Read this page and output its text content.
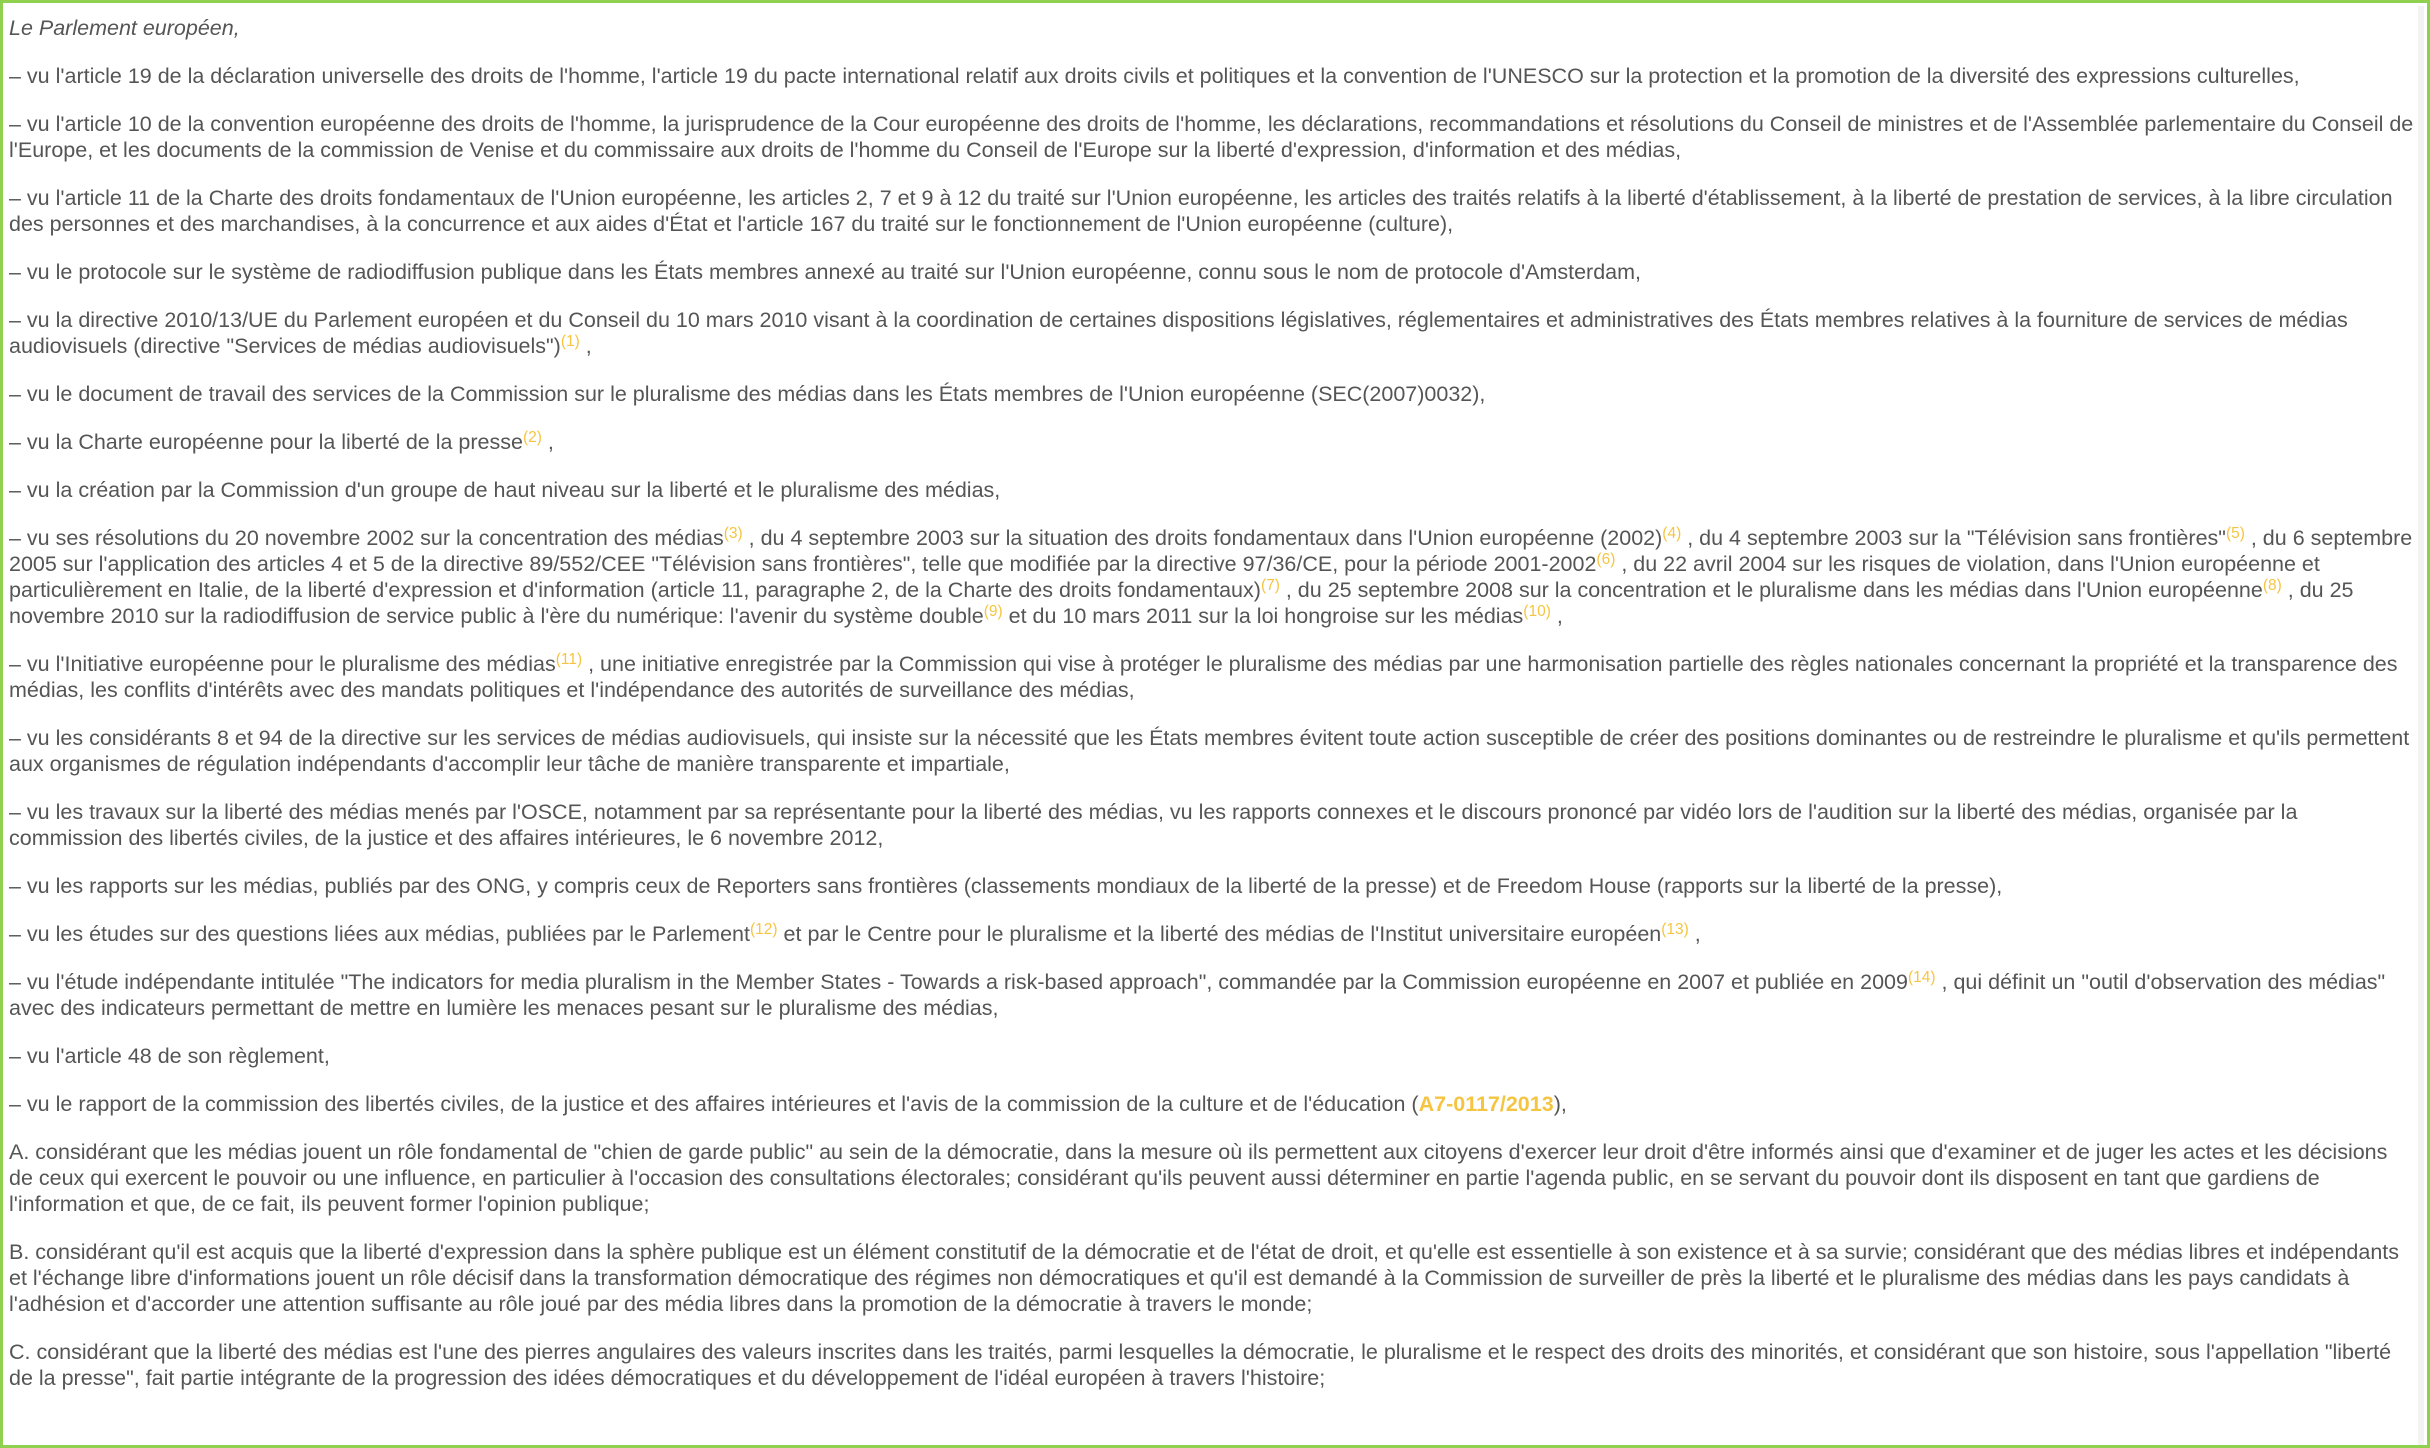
Le Parlement européen,

– vu l'article 19 de la déclaration universelle des droits de l'homme, l'article 19 du pacte international relatif aux droits civils et politiques et la convention de l'UNESCO sur la protection et la promotion de la diversité des expressions culturelles,

– vu l'article 10 de la convention européenne des droits de l'homme, la jurisprudence de la Cour européenne des droits de l'homme, les déclarations, recommandations et résolutions du Conseil de ministres et de l'Assemblée parlementaire du Conseil de l'Europe, et les documents de la commission de Venise et du commissaire aux droits de l'homme du Conseil de l'Europe sur la liberté d'expression, d'information et des médias,

– vu l'article 11 de la Charte des droits fondamentaux de l'Union européenne, les articles 2, 7 et 9 à 12 du traité sur l'Union européenne, les articles des traités relatifs à la liberté d'établissement, à la liberté de prestation de services, à la libre circulation des personnes et des marchandises, à la concurrence et aux aides d'État et l'article 167 du traité sur le fonctionnement de l'Union européenne (culture),

– vu le protocole sur le système de radiodiffusion publique dans les États membres annexé au traité sur l'Union européenne, connu sous le nom de protocole d'Amsterdam,

– vu la directive 2010/13/UE du Parlement européen et du Conseil du 10 mars 2010 visant à la coordination de certaines dispositions législatives, réglementaires et administratives des États membres relatives à la fourniture de services de médias audiovisuels (directive "Services de médias audiovisuels")$^{(1)}$ ,

– vu le document de travail des services de la Commission sur le pluralisme des médias dans les États membres de l'Union européenne (SEC(2007)0032),

– vu la Charte européenne pour la liberté de la presse$^{(2)}$ ,

– vu la création par la Commission d'un groupe de haut niveau sur la liberté et le pluralisme des médias,

– vu ses résolutions du 20 novembre 2002 sur la concentration des médias$^{(3)}$ , du 4 septembre 2003 sur la situation des droits fondamentaux dans l'Union européenne $(2002)^{(4)}$ , du 4 septembre 2003 sur la "Télévision sans frontières"$^{(5)}$ , du 6 septembre 2005 sur l'application des articles 4 et 5 de la directive 89/552/CEE "Télévision sans frontières", telle que modifiée par la directive 97/36/CE, pour la période 2001-2002$^{(6)}$ , du 22 avril 2004 sur les risques de violation, dans l'Union européenne et particulièrement en Italie, de la liberté d'expression et d'information (article 11, paragraphe 2, de la Charte des droits fondamentaux)$^{(7)}$ , du 25 septembre 2008 sur la concentration et le pluralisme dans les médias dans l'Union européenne$^{(8)}$ , du 25 novembre 2010 sur la radiodiffusion de service public à l'ère du numérique: l'avenir du système double$^{(9)}$ et du 10 mars 2011 sur la loi hongroise sur les médias$^{(10)}$ ,

– vu l'Initiative européenne pour le pluralisme des médias$^{(11)}$ , une initiative enregistrée par la Commission qui vise à protéger le pluralisme des médias par une harmonisation partielle des règles nationales concernant la propriété et la transparence des médias, les conflits d'intérêts avec des mandats politiques et l'indépendance des autorités de surveillance des médias,

– vu les considérants 8 et 94 de la directive sur les services de médias audiovisuels, qui insiste sur la nécessité que les États membres évitent toute action susceptible de créer des positions dominantes ou de restreindre le pluralisme et qu'ils permettent aux organismes de régulation indépendants d'accomplir leur tâche de manière transparente et impartiale,

– vu les travaux sur la liberté des médias menés par l'OSCE, notamment par sa représentante pour la liberté des médias, vu les rapports connexes et le discours prononcé par vidéo lors de l'audition sur la liberté des médias, organisée par la commission des libertés civiles, de la justice et des affaires intérieures, le 6 novembre 2012,

– vu les rapports sur les médias, publiés par des ONG, y compris ceux de Reporters sans frontières (classements mondiaux de la liberté de la presse) et de Freedom House (rapports sur la liberté de la presse),

– vu les études sur des questions liées aux médias, publiées par le Parlement$^{(12)}$ et par le Centre pour le pluralisme et la liberté des médias de l'Institut universitaire européen$^{(13)}$ ,

– vu l'étude indépendante intitulée "The indicators for media pluralism in the Member States - Towards a risk-based approach", commandée par la Commission européenne en 2007 et publiée en 2009$^{(14)}$ , qui définit un "outil d'observation des médias" avec des indicateurs permettant de mettre en lumière les menaces pesant sur le pluralisme des médias,

– vu l'article 48 de son règlement,

– vu le rapport de la commission des libertés civiles, de la justice et des affaires intérieures et l'avis de la commission de la culture et de l'éducation (A7-0117/2013),

A. considérant que les médias jouent un rôle fondamental de "chien de garde public" au sein de la démocratie, dans la mesure où ils permettent aux citoyens d'exercer leur droit d'être informés ainsi que d'examiner et de juger les actes et les décisions de ceux qui exercent le pouvoir ou une influence, en particulier à l'occasion des consultations électorales; considérant qu'ils peuvent aussi déterminer en partie l'agenda public, en se servant du pouvoir dont ils disposent en tant que gardiens de l'information et que, de ce fait, ils peuvent former l'opinion publique;

B. considérant qu'il est acquis que la liberté d'expression dans la sphère publique est un élément constitutif de la démocratie et de l'état de droit, et qu'elle est essentielle à son existence et à sa survie; considérant que des médias libres et indépendants et l'échange libre d'informations jouent un rôle décisif dans la transformation démocratique des régimes non démocratiques et qu'il est demandé à la Commission de surveiller de près la liberté et le pluralisme des médias dans les pays candidats à l'adhésion et d'accorder une attention suffisante au rôle joué par des média libres dans la promotion de la démocratie à travers le monde;

C. considérant que la liberté des médias est l'une des pierres angulaires des valeurs inscrites dans les traités, parmi lesquelles la démocratie, le pluralisme et le respect des droits des minorités, et considérant que son histoire, sous l'appellation "liberté de la presse", fait partie intégrante de la progression des idées démocratiques et du développement de l'idéal européen à travers l'histoire;
